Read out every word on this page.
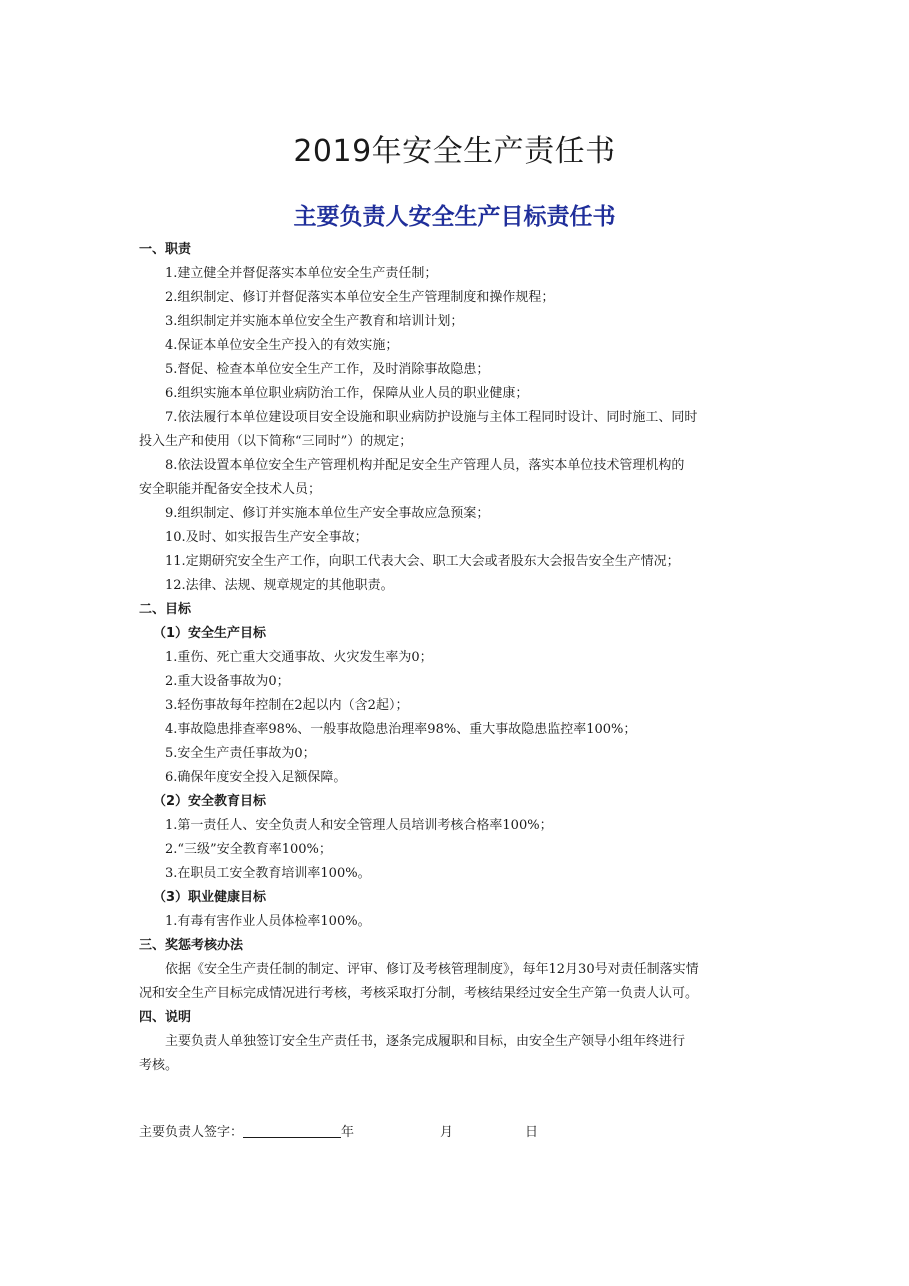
2019年安全生产责任书
主要负责人安全生产目标责任书
一、职责
1.建立健全并督促落实本单位安全生产责任制；
2.组织制定、修订并督促落实本单位安全生产管理制度和操作规程；
3.组织制定并实施本单位安全生产教育和培训计划；
4.保证本单位安全生产投入的有效实施；
5.督促、检查本单位安全生产工作，及时消除事故隐患；
6.组织实施本单位职业病防治工作，保障从业人员的职业健康；
7.依法履行本单位建设项目安全设施和职业病防护设施与主体工程同时设计、同时施工、同时
投入生产和使用（以下简称“三同时”）的规定；
8.依法设置本单位安全生产管理机构并配足安全生产管理人员，落实本单位技术管理机构的
安全职能并配备安全技术人员；
9.组织制定、修订并实施本单位生产安全事故应急预案；
10.及时、如实报告生产安全事故；
11.定期研究安全生产工作，向职工代表大会、职工大会或者股东大会报告安全生产情况；
12.法律、法规、规章规定的其他职责。
二、目标
（1）安全生产目标
1.重伤、死亡重大交通事故、火灾发生率为0；
2.重大设备事故为0；
3.轻伤事故每年控制在2起以内（含2起）；
4.事故隐患排查率98%、一般事故隐患治理率98%、重大事故隐患监控率100%；
5.安全生产责任事故为0；
6.确保年度安全投入足额保障。
（2）安全教育目标
1.第一责任人、安全负责人和安全管理人员培训考核合格率100%；
2.“三级”安全教育率100%；
3.在职员工安全教育培训率100%。
（3）职业健康目标
1.有毒有害作业人员体检率100%。
三、奖惩考核办法
依据《安全生产责任制的制定、评审、修订及考核管理制度》，每年12月30号对责任制落实情
况和安全生产目标完成情况进行考核，考核采取打分制，考核结果经过安全生产第一负责人认可。
四、说明
主要负责人单独签订安全生产责任书，逐条完成履职和目标，由安全生产领导小组年终进行
考核。
主要负责人签字：	年	月	日
